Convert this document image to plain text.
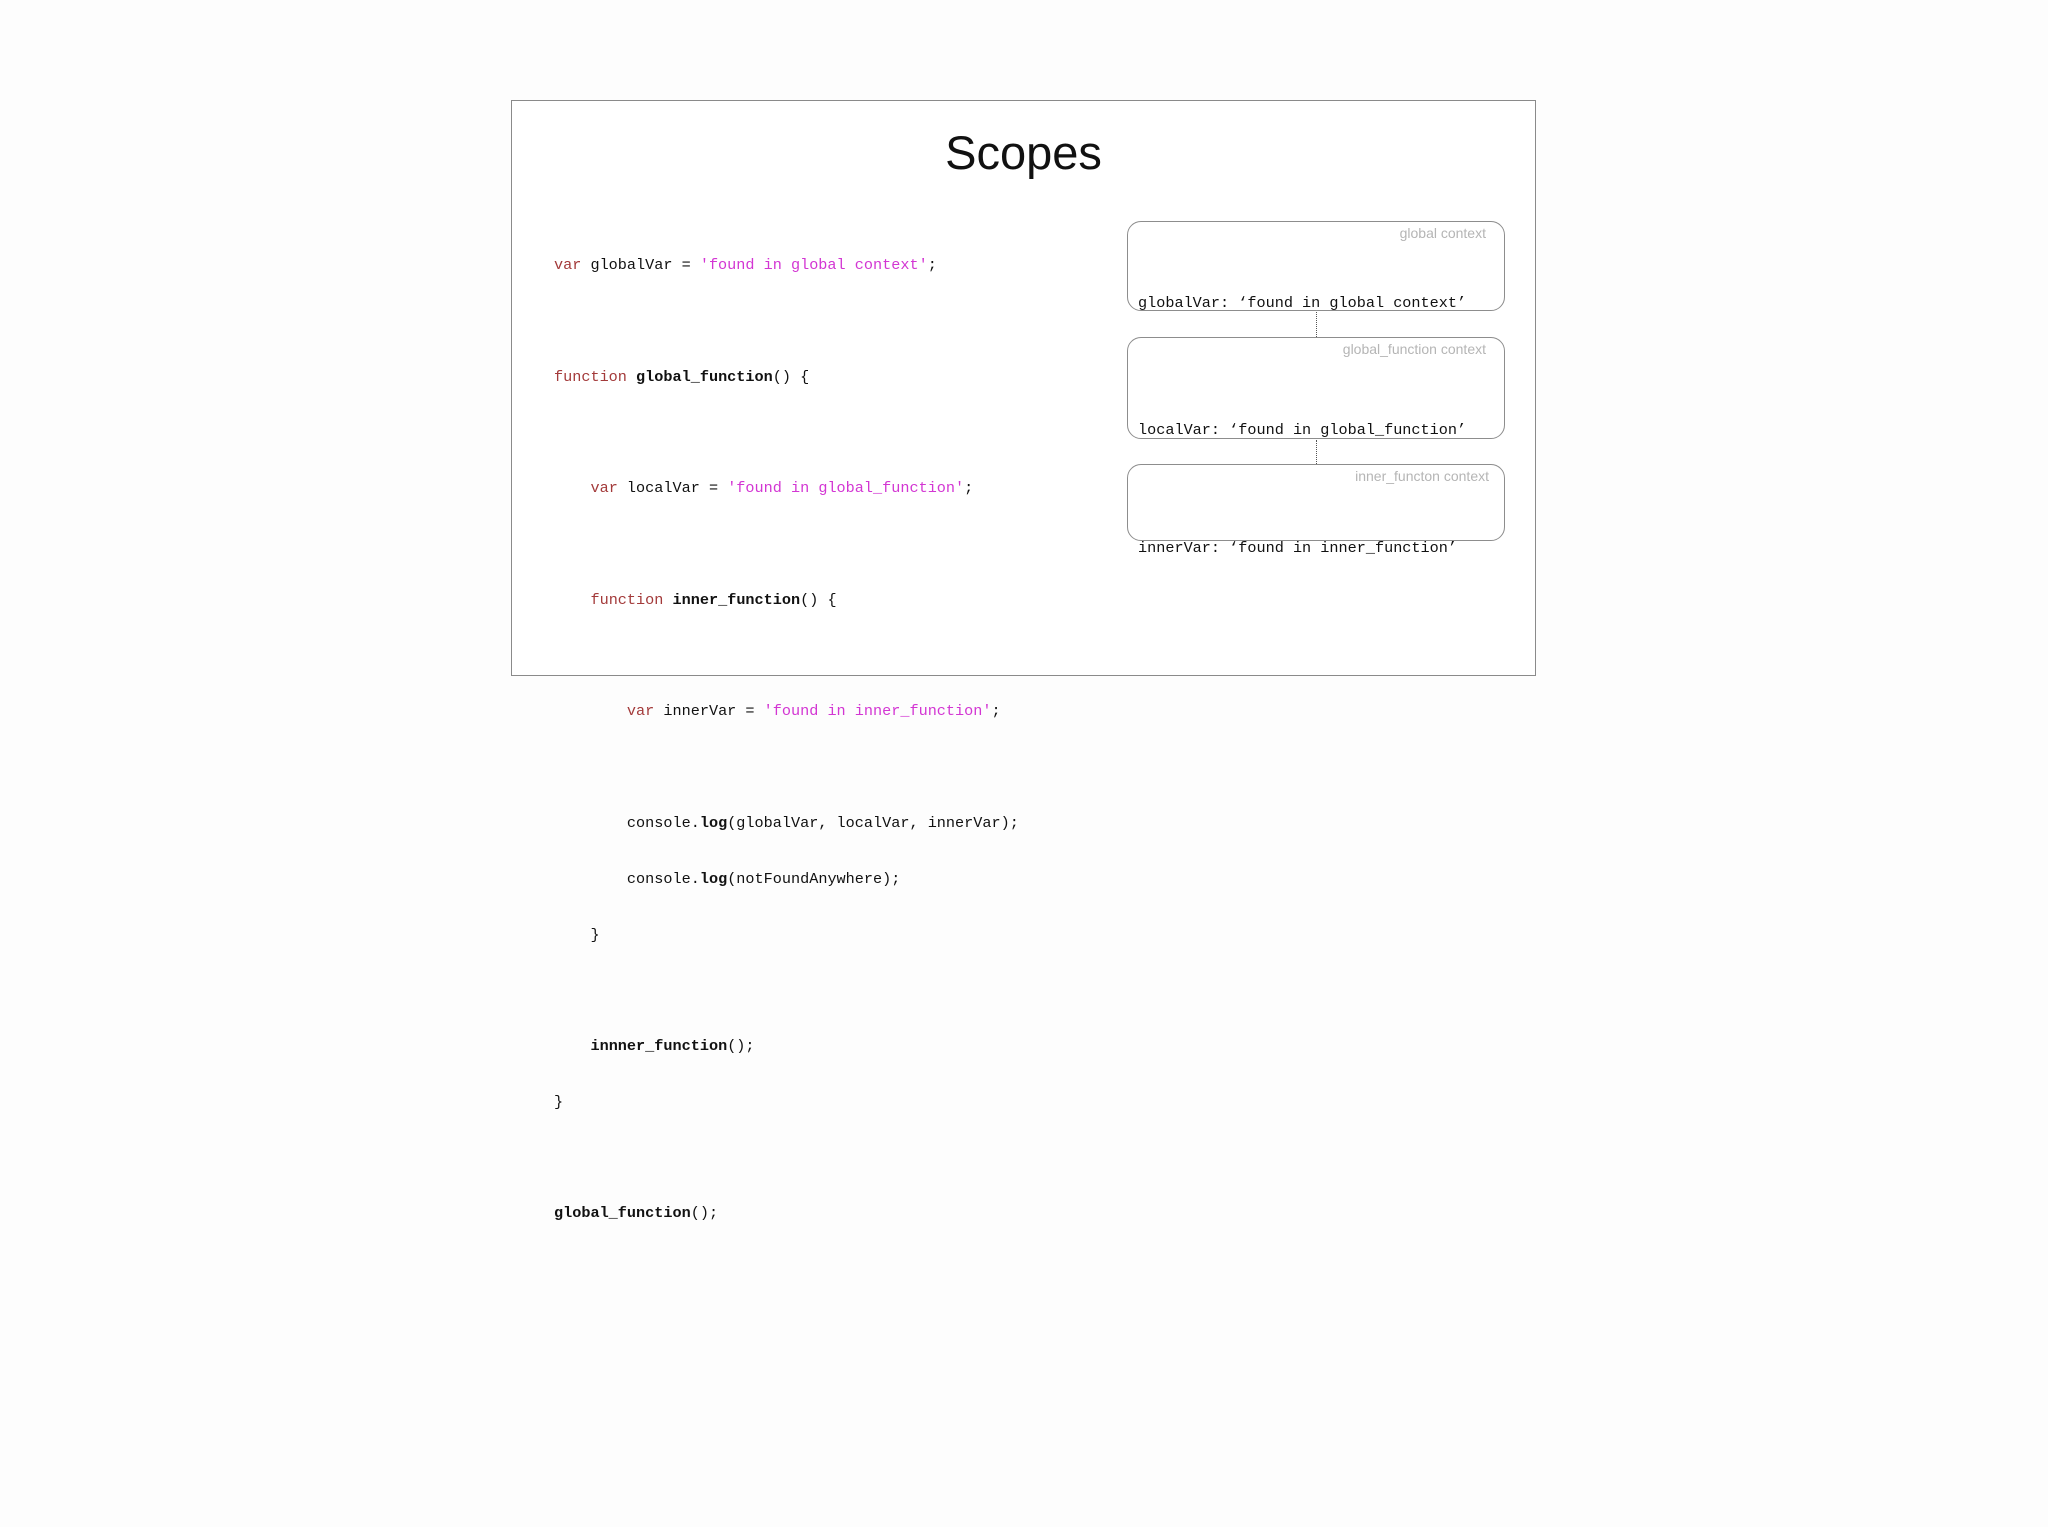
Scopes

var globalVar = 'found in global context';

function global_function() {

var localVar = 'found in global_function';

function inner_function() {

var innerVar = 'found in inner_function';

console.log(globalVar, localVar, innerVar);

console.log(notFoundAnywhere);

}

innner_function();

}

global_function();

global context

globalVar: ‘found in global context’

global_function context

localVar: ‘found in global_function’

inner_functon context

innerVar: ‘found in inner_function’
